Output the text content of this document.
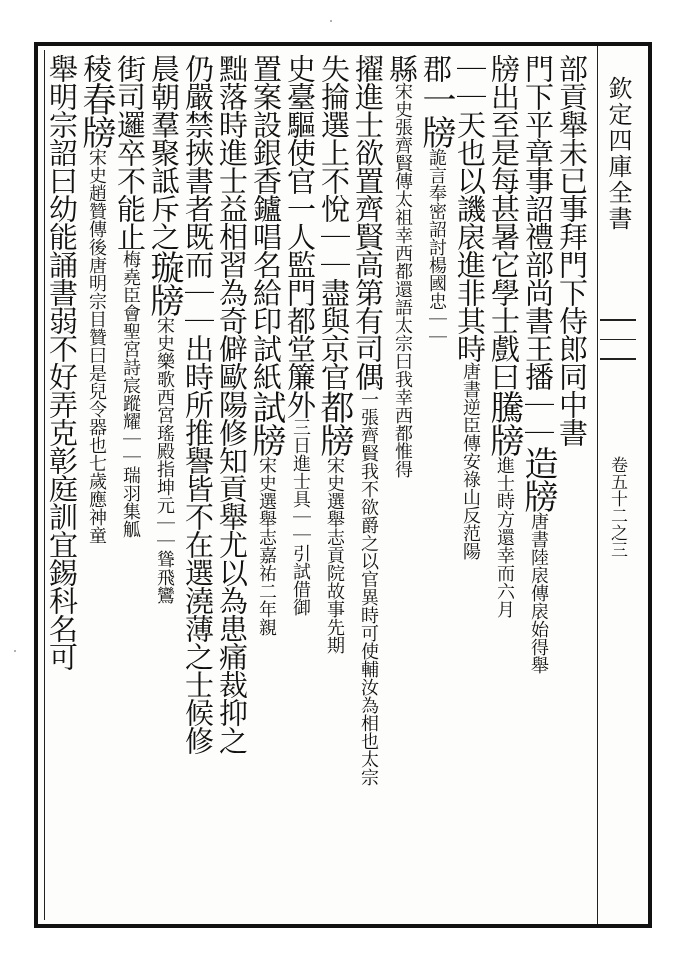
欽定四庫全書
卷五十二之三
部貢舉未已事拜門下侍郎同中書
門下平章事詔禮部尚書王播｜｜造牓唐書陸扆傳扆始得舉
牓出至是每甚暑它學士戲曰騰牓進士時方還幸而六月
｜｜天也以譏扆進非其時唐書逆臣傳安祿山反范陽
郡一牓詭言奉密詔討楊國忠｜｜
縣宋史張齊賢傳太祖幸西都還語太宗曰我幸西都惟得
擢進士欲置齊賢高第有司偶一張齊賢我不欲爵之以官異時可使輔汝為相也太宗
失掄選上不悅｜｜盡與京官都牓宋史選舉志貢院故事先期
史臺驅使官一人監門都堂簾外三日進士具｜｜引試借御
置案設銀香鑪唱名給印試紙試牓宋史選舉志嘉祐二年親
黜落時進士益相習為奇僻歐陽修知貢舉尤以為患痛裁抑之
仍嚴禁挾書者既而｜｜出時所推譽皆不在選澆薄之士候修
晨朝羣聚詆斥之璇牓宋史樂歌西宮瑤殿指坤元｜｜聳飛鸞
街司邏卒不能止梅堯臣會聖宮詩宸蹤耀｜｜瑞羽集觚
稜春牓宋史趙贊傳後唐明宗目贊曰是兒令器也七歲應神童
舉明宗詔曰幼能誦書弱不好弄克彰庭訓宜錫科名可
